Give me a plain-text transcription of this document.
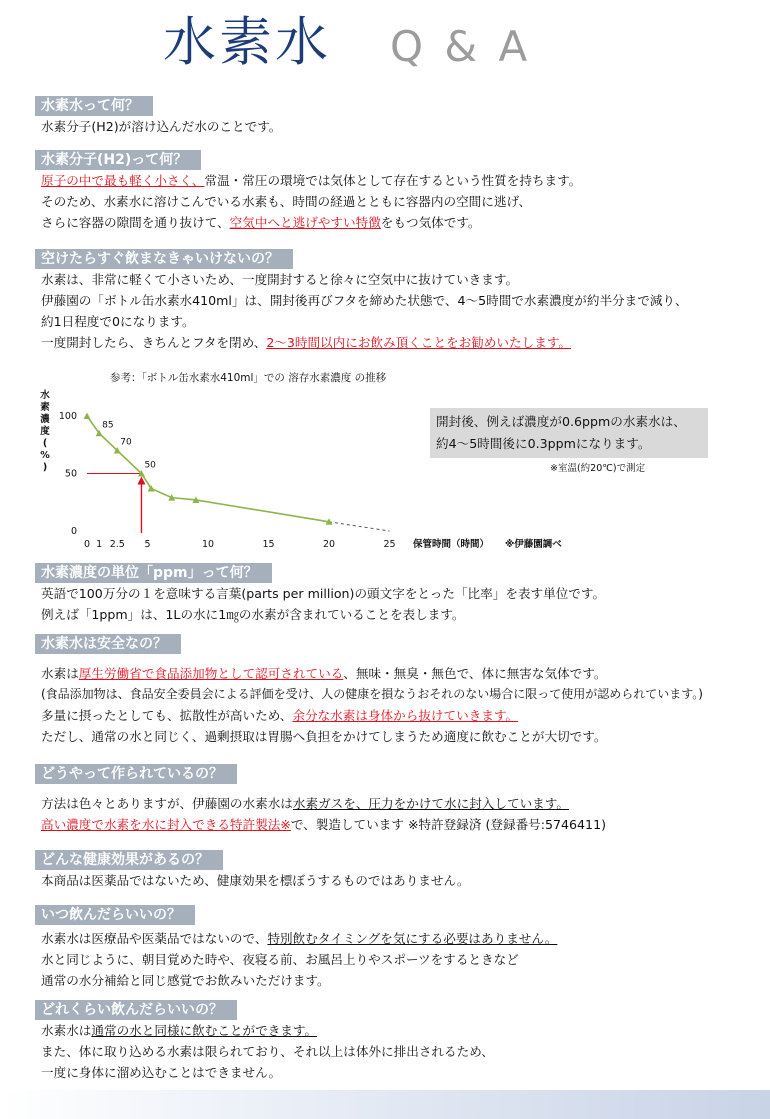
水素水 Q & A
水素水って何？
水素分子(H2)が溶け込んだ水のことです。
水素分子(H2)って何？
原子の中で最も軽く小さく、常温・常圧の環境では気体として存在するという性質を持ちます。
そのため、水素水に溶けこんでいる水素も、時間の経過とともに容器内の空間に逃げ、
さらに容器の隙間を通り抜けて、空気中へと逃げやすい特徴をもつ気体です。
空けたらすぐ飲まなきゃいけないの？
水素は、非常に軽くて小さいため、一度開封すると徐々に空気中に抜けていきます。
伊藤園の「ボトル缶水素水410ml」は、開封後再びフタを締めた状態で、4～5時間で水素濃度が約半分まで減り、
約1日程度で0になります。
一度開封したら、きちんとフタを閉め、2～3時間以内にお飲み頂くことをお勧めいたします。
水
素
濃
度
(
%
)
0
50
100
0 1 2.5 5	10	15	20	25 保管時間（時間） ※伊藤園調べ
85
70
50
参考：「ボトル缶水素水410ml」での 溶存水素濃度 の推移
開封後、例えば濃度が0.6ppmの水素水は、
約4～5時間後に0.3ppmになります。
※室温(約20℃)で測定
水素濃度の単位「ppm」って何？
英語で100万分の１を意味する言葉(parts per million)の頭文字をとった「比率」を表す単位です。
例えば「1ppm」は、1Lの水に1㎎の水素が含まれていることを表します。
水素水は安全なの？
水素は厚生労働省で食品添加物として認可されている、無味・無臭・無色で、体に無害な気体です。
(食品添加物は、食品安全委員会による評価を受け、人の健康を損なうおそれのない場合に限って使用が認められています。)
多量に摂ったとしても、拡散性が高いため、余分な水素は身体から抜けていきます。
ただし、通常の水と同じく、過剰摂取は胃腸へ負担をかけてしまうため適度に飲むことが大切です。
どうやって作られているの？
方法は色々とありますが、伊藤園の水素水は水素ガスを、圧力をかけて水に封入しています。
高い濃度で水素を水に封入できる特許製法※で、製造しています ※特許登録済 (登録番号:5746411)
どんな健康効果があるの？
本商品は医薬品ではないため、健康効果を標ぼうするものではありません。
いつ飲んだらいいの？
水素水は医療品や医薬品ではないので、特別飲むタイミングを気にする必要はありません。
水と同じように、朝目覚めた時や、夜寝る前、お風呂上りやスポーツをするときなど
通常の水分補給と同じ感覚でお飲みいただけます。
どれくらい飲んだらいいの？
水素水は通常の水と同様に飲むことができます。
また、体に取り込める水素は限られており、それ以上は体外に排出されるため、
一度に身体に溜め込むことはできません。
